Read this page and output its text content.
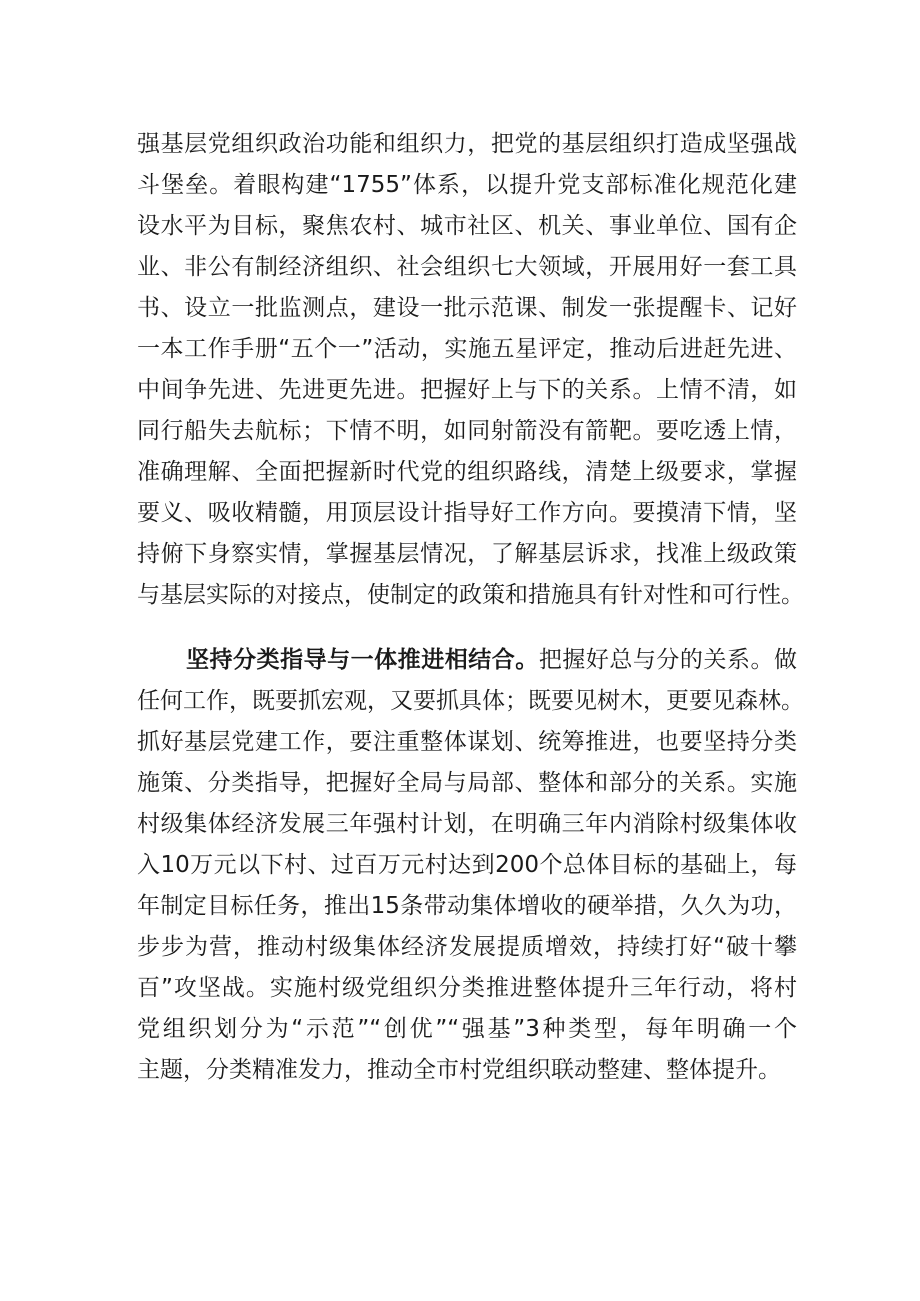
强基层党组织政治功能和组织力，把党的基层组织打造成坚强战
斗堡垒。着眼构建“1755”体系，以提升党支部标准化规范化建
设水平为目标，聚焦农村、城市社区、机关、事业单位、国有企
业、非公有制经济组织、社会组织七大领域，开展用好一套工具
书、设立一批监测点，建设一批示范课、制发一张提醒卡、记好
一本工作手册“五个一”活动，实施五星评定，推动后进赶先进、
中间争先进、先进更先进。把握好上与下的关系。上情不清，如
同行船失去航标；下情不明，如同射箭没有箭靶。要吃透上情，
准确理解、全面把握新时代党的组织路线，清楚上级要求，掌握
要义、吸收精髓，用顶层设计指导好工作方向。要摸清下情，坚
持俯下身察实情，掌握基层情况，了解基层诉求，找准上级政策
与基层实际的对接点，使制定的政策和措施具有针对性和可行性。
坚持分类指导与一体推进相结合。把握好总与分的关系。做
任何工作，既要抓宏观，又要抓具体；既要见树木，更要见森林。
抓好基层党建工作，要注重整体谋划、统筹推进，也要坚持分类
施策、分类指导，把握好全局与局部、整体和部分的关系。实施
村级集体经济发展三年强村计划，在明确三年内消除村级集体收
入10万元以下村、过百万元村达到200个总体目标的基础上，每
年制定目标任务，推出15条带动集体增收的硬举措，久久为功，
步步为营，推动村级集体经济发展提质增效，持续打好“破十攀
百”攻坚战。实施村级党组织分类推进整体提升三年行动，将村
党组织划分为“示范”“创优”“强基”3种类型，每年明确一个
主题，分类精准发力，推动全市村党组织联动整建、整体提升。
